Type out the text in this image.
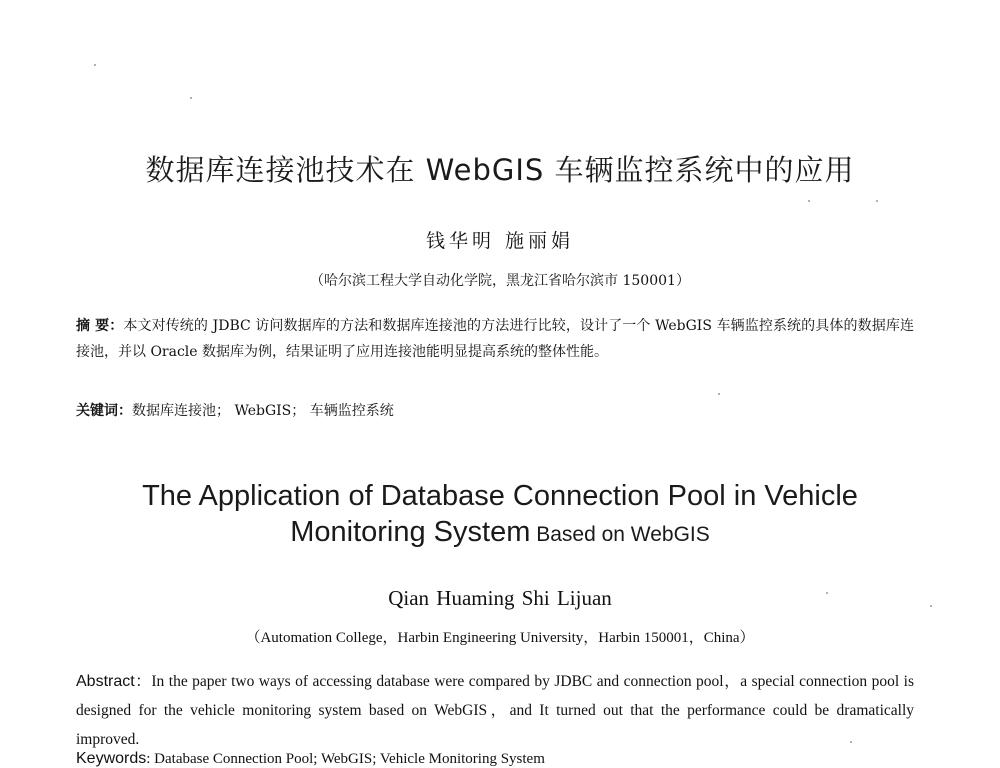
数据库连接池技术在 WebGIS 车辆监控系统中的应用
钱华明 施丽娟
（哈尔滨工程大学自动化学院，黑龙江省哈尔滨市 150001）
摘 要：本文对传统的 JDBC 访问数据库的方法和数据库连接池的方法进行比较，设计了一个 WebGIS 车辆监控系统的具体的数据库连接池，并以 Oracle 数据库为例，结果证明了应用连接池能明显提高系统的整体性能。
关键词：数据库连接池； WebGIS； 车辆监控系统
The Application of Database Connection Pool in Vehicle
Monitoring System Based on WebGIS
Qian Huaming Shi Lijuan
（Automation College，Harbin Engineering University，Harbin 150001，China）
Abstract：In the paper two ways of accessing database were compared by JDBC and connection pool，a special connection pool is designed for the vehicle monitoring system based on WebGIS，and It turned out that the performance could be dramatically improved.
Keywords: Database Connection Pool; WebGIS; Vehicle Monitoring System
